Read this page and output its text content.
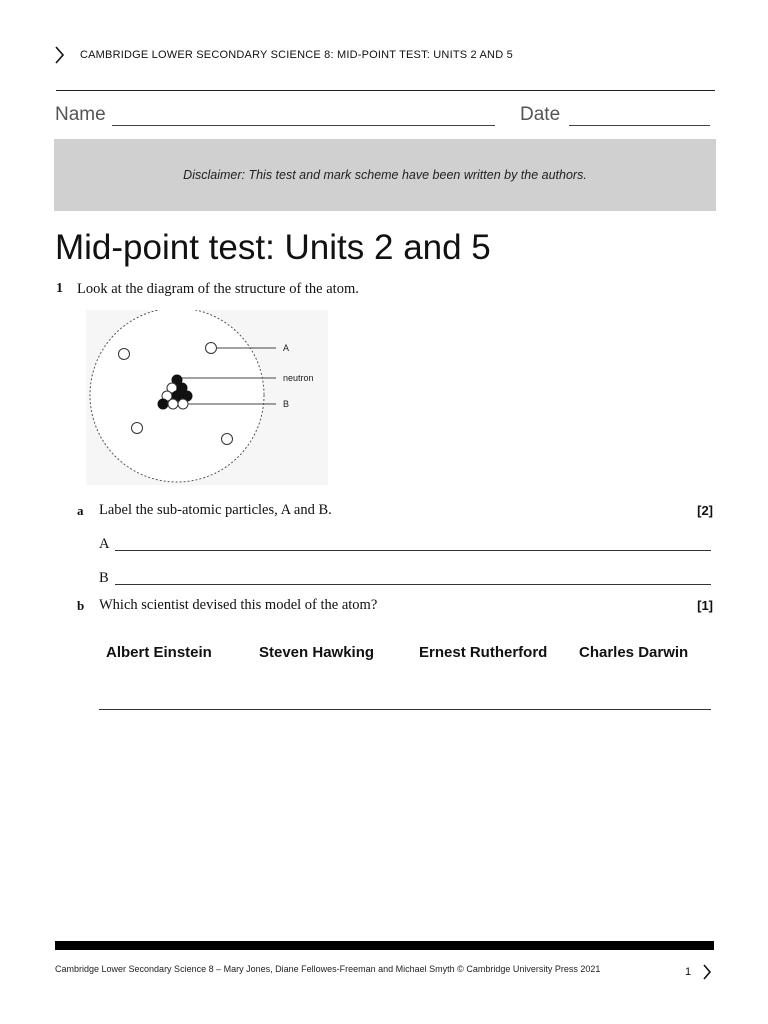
CAMBRIDGE LOWER SECONDARY SCIENCE 8: MID-POINT TEST: UNITS 2 AND 5
Name	Date
Disclaimer: This test and mark scheme have been written by the authors.
Mid-point test: Units 2 and 5
1 Look at the diagram of the structure of the atom.
A
neutron
B
a Label the sub-atomic particles, A and B.	[2]
A
B
b Which scientist devised this model of the atom?	[1]
Albert Einstein	Steven Hawking	Ernest Rutherford Charles Darwin
Cambridge Lower Secondary Science 8 – Mary Jones, Diane Fellowes-Freeman and Michael Smyth © Cambridge University Press 2021	1
